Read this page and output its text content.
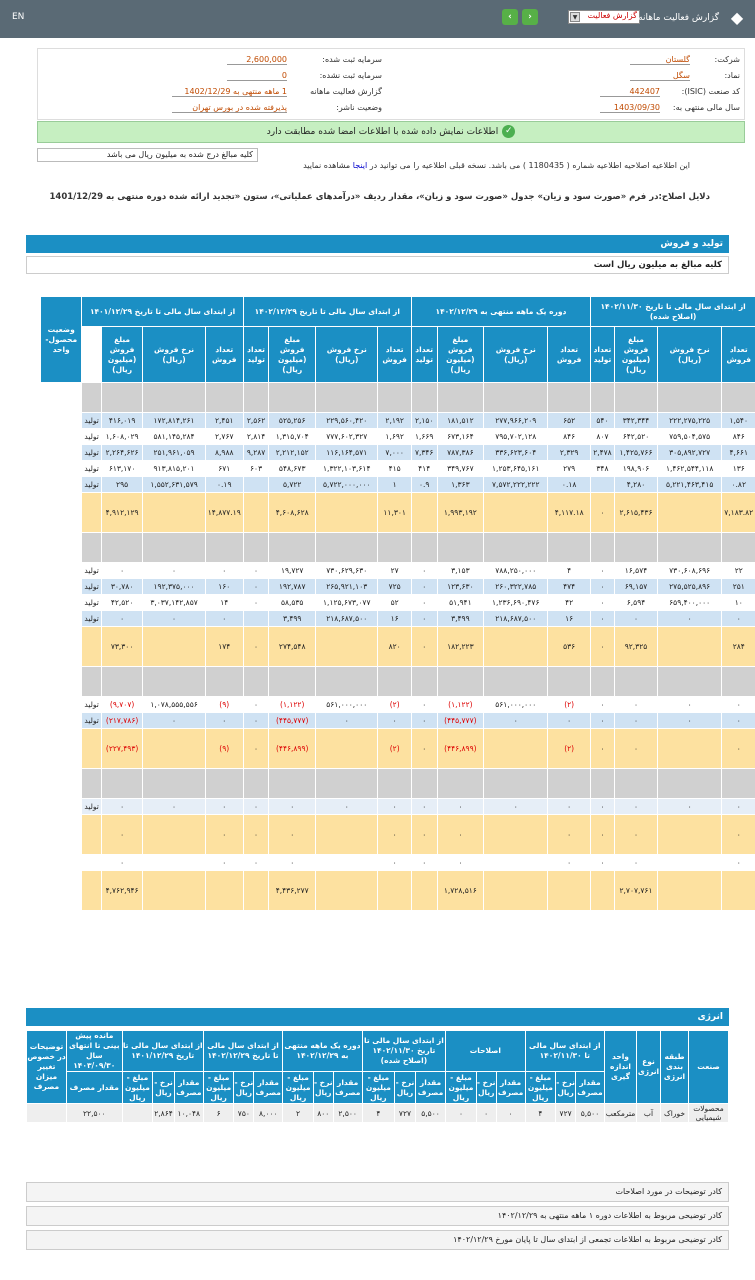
EN	‹	›	گزارش فعالیت
▼	گزارش فعالیت ماهانه ◆
شرکت:
گلستان
نماد:
سگل
کد صنعت (ISIC):
442407
سال مالی منتهی به:
1403/09/30
سرمایه ثبت شده:
2,600,000
سرمایه ثبت نشده:
0
گزارش فعالیت ماهانه
1 ماهه منتهی به 1402/12/29
وضعیت ناشر:
پذیرفته شده در بورس تهران
✓اطلاعات نمایش داده شده با اطلاعات امضا شده مطابقت دارد
کلیه مبالغ درج شده به میلیون ریال می باشد
این اطلاعیه اصلاحیه اطلاعیه شماره ( 1180435 ) می باشد. نسخه قبلی اطلاعیه را می توانید در اینجا مشاهده نمایید
دلایل اصلاح:در فرم «صورت سود و زیان» جدول «صورت سود و زیان»، مقدار ردیف «درآمدهای عملیاتی»، ستون «تجدید ارائه شده دوره منتهی به 1401/12/29
تولید و فروش
کلیه مبالغ به میلیون ریال است
	از ابتدای سال مالی تا تاریخ ۱۴۰۲/۱۱/۳۰ (اصلاح شده)				دوره یک ماهه منتهی به ۱۴۰۲/۱۲/۲۹				از ابتدای سال مالی تا تاریخ ۱۴۰۲/۱۲/۲۹				از ابتدای سال مالی تا تاریخ ۱۴۰۱/۱۲/۲۹				وضعیت محصول-واحد
	تعداد فروش	نرخ فروش (ریال)	مبلغ فروش (میلیون ریال)	تعداد تولید	تعداد فروش	نرخ فروش (ریال)	مبلغ فروش (میلیون ریال)	تعداد تولید	تعداد فروش	نرخ فروش (ریال)	مبلغ فروش (میلیون ریال)	تعداد تولید	تعداد فروش	نرخ فروش (ریال)	مبلغ فروش (میلیون ریال)		

	۱,۵۴۰	۲۲۲,۲۷۵,۲۲۵	۳۴۲,۳۴۴	۵۴۰	۶۵۲	۲۷۷,۹۶۶,۲۰۹	۱۸۱,۵۱۲	۲,۱۵۰	۲,۱۹۲	۲۲۹,۵۶۰,۴۲۰	۵۲۵,۲۵۶	۲,۵۶۲	۲,۴۵۱	۱۷۲,۸۱۴,۲۶۱	۴۱۶,۰۱۹	تولید	
	۸۴۶	۷۵۹,۵۰۴,۵۷۵	۶۴۲,۵۲۰	۸۰۷	۸۴۶	۷۹۵,۷۰۲,۱۲۸	۶۷۳,۱۶۴	۱,۶۶۹	۱,۶۹۲	۷۷۷,۶۰۲,۳۲۷	۱,۳۱۵,۷۰۴	۲,۸۱۴	۲,۷۶۷	۵۸۱,۱۴۵,۲۸۴	۱,۶۰۸,۰۲۹	تولید	
	۴,۶۶۱	۳۰۵,۸۹۲,۷۲۷	۱,۴۲۵,۷۶۶	۲,۴۷۸	۲,۳۲۹	۳۳۶,۶۲۳,۶۰۴	۷۸۷,۳۸۶	۷,۳۴۶	۷,۰۰۰	۱۱۶,۱۶۴,۵۷۱	۲,۲۱۲,۱۵۲	۹,۲۸۷	۸,۹۸۸	۲۵۱,۹۶۱,۰۵۹	۲,۲۶۴,۶۲۶	تولید	
	۱۳۶	۱,۴۶۲,۵۴۴,۱۱۸	۱۹۸,۹۰۶	۳۴۸	۲۷۹	۱,۲۵۳,۶۴۵,۱۶۱	۳۴۹,۷۶۷	۴۱۴	۴۱۵	۱,۳۲۲,۱۰۳,۶۱۴	۵۴۸,۶۷۳	۶۰۳	۶۷۱	۹۱۳,۸۱۵,۲۰۱	۶۱۳,۱۷۰	تولید	
	۰.۸۲	۵,۲۲۱,۴۶۳,۴۱۵	۴,۲۸۰		۰.۱۸	۷,۵۷۲,۲۲۲,۲۲۲	۱,۳۶۳	۰.۹	۱	۵,۷۲۲,۰۰۰,۰۰۰	۵,۷۲۲		۰.۱۹	۱,۵۵۲,۶۳۱,۵۷۹	۲۹۵	تولید	
	۷,۱۸۳.۸۲		۲,۶۱۵,۴۳۶	۰	۴,۱۱۷.۱۸		۱,۹۹۳,۱۹۲		۱۱,۳۰۱		۴,۶۰۸,۶۲۸		۱۴,۸۷۷.۱۹		۴,۹۱۲,۱۲۹		

	۲۲	۷۳۰,۶۰۸,۶۹۶	۱۶,۵۷۴	۰	۴	۷۸۸,۲۵۰,۰۰۰	۳,۱۵۳	۰	۲۷	۷۳۰,۶۲۹,۶۳۰	۱۹,۷۲۷	۰	۰	۰	۰	تولید	
	۲۵۱	۲۷۵,۵۲۵,۸۹۶	۶۹,۱۵۷	۰	۴۷۴	۲۶۰,۳۲۲,۷۸۵	۱۲۳,۶۳۰	۰	۷۲۵	۲۶۵,۹۲۱,۱۰۳	۱۹۲,۷۸۷	۰	۱۶۰	۱۹۲,۳۷۵,۰۰۰	۳۰,۷۸۰	تولید	
	۱۰	۶۵۹,۴۰۰,۰۰۰	۶,۵۹۴	۰	۴۲	۱,۲۳۶,۶۹۰,۴۷۶	۵۱,۹۴۱	۰	۵۲	۱,۱۲۵,۶۷۳,۰۷۷	۵۸,۵۳۵	۰	۱۴	۳,۰۳۷,۱۴۲,۸۵۷	۴۲,۵۲۰	تولید	
	۰	۰	۰	۰	۱۶	۲۱۸,۶۸۷,۵۰۰	۳,۴۹۹	۰	۱۶	۲۱۸,۶۸۷,۵۰۰	۳,۴۹۹		۰	۰	۰	تولید	
	۲۸۴		۹۲,۳۲۵	۰	۵۳۶		۱۸۲,۲۲۳	۰	۸۲۰		۲۷۴,۵۴۸	۰	۱۷۴		۷۳,۳۰۰		

	۰	۰	۰	۰	(۲)	۵۶۱,۰۰۰,۰۰۰	(۱,۱۲۲)	۰	(۲)	۵۶۱,۰۰۰,۰۰۰	(۱,۱۲۲)	۰	(۹)	۱,۰۷۸,۵۵۵,۵۵۶	(۹,۷۰۷)	تولید	
	۰	۰	۰	۰	۰	۰	(۴۴۵,۷۷۷)	۰	۰	۰	(۴۴۵,۷۷۷)	۰	۰	۰	(۲۱۷,۷۸۶)	تولید	
	۰		۰	۰	(۲)		(۴۴۶,۸۹۹)	۰	(۲)		(۴۴۶,۸۹۹)	۰	(۹)		(۲۲۷,۴۹۳)		

	۰	۰	۰	۰	۰	۰	۰	۰	۰	۰	۰	۰	۰	۰	۰	تولید	
	۰		۰	۰	۰		۰	۰	۰		۰	۰	۰		۰		
	۰		۰	۰	۰		۰	۰	۰		۰	۰	۰		۰		
			۲,۷۰۷,۷۶۱				۱,۷۲۸,۵۱۶				۴,۴۳۶,۲۷۷				۴,۷۶۲,۹۴۶		
انرژی
صنعت	طبقه بندی انرژی	نوع انرژی	واحد اندازه گیری	از ابتدای سال مالی تا ۱۴۰۲/۱۱/۳۰			اصلاحات			از ابتدای سال مالی تا تاریخ ۱۴۰۲/۱۱/۳۰ (اصلاح شده)			دوره یک ماهه منتهی به ۱۴۰۲/۱۲/۲۹			از ابتدای سال مالی تا تاریخ ۱۴۰۲/۱۲/۲۹			از ابتدای سال مالی تا تاریخ ۱۴۰۱/۱۲/۲۹			مانده پیش بینی تا انتهای سال ۱۴۰۳/۰۹/۳۰	توضیحات در خصوص تغییر میزان مصرف
				مقدار مصرف	نرخ - ریال	مبلغ - میلیون ریال	مقدار مصرف	نرخ - ریال	مبلغ - میلیون ریال	مقدار مصرف	نرخ - ریال	مبلغ - میلیون ریال	مقدار مصرف	نرخ - ریال	مبلغ - میلیون ریال	مقدار مصرف	نرخ - ریال	مبلغ - میلیون ریال	مقدار مصرف	نرخ - ریال	مبلغ - میلیون ریال	مقدار مصرف	
محصولات شیمیایی	خوراک	آب	مترمکعب	۵,۵۰۰	۷۲۷	۴	۰	۰	۰	۵,۵۰۰	۷۲۷	۴	۲,۵۰۰	۸۰۰	۲	۸,۰۰۰	۷۵۰	۶	۱۰,۰۴۸	۲,۸۶۴		۲۲,۵۰۰	
کادر توضیحات در مورد اصلاحات
کادر توضیحی مربوط به اطلاعات دوره ۱ ماهه منتهی به ۱۴۰۲/۱۲/۲۹
کادر توضیحی مربوط به اطلاعات تجمعی از ابتدای سال تا پایان مورخ ۱۴۰۲/۱۲/۲۹
